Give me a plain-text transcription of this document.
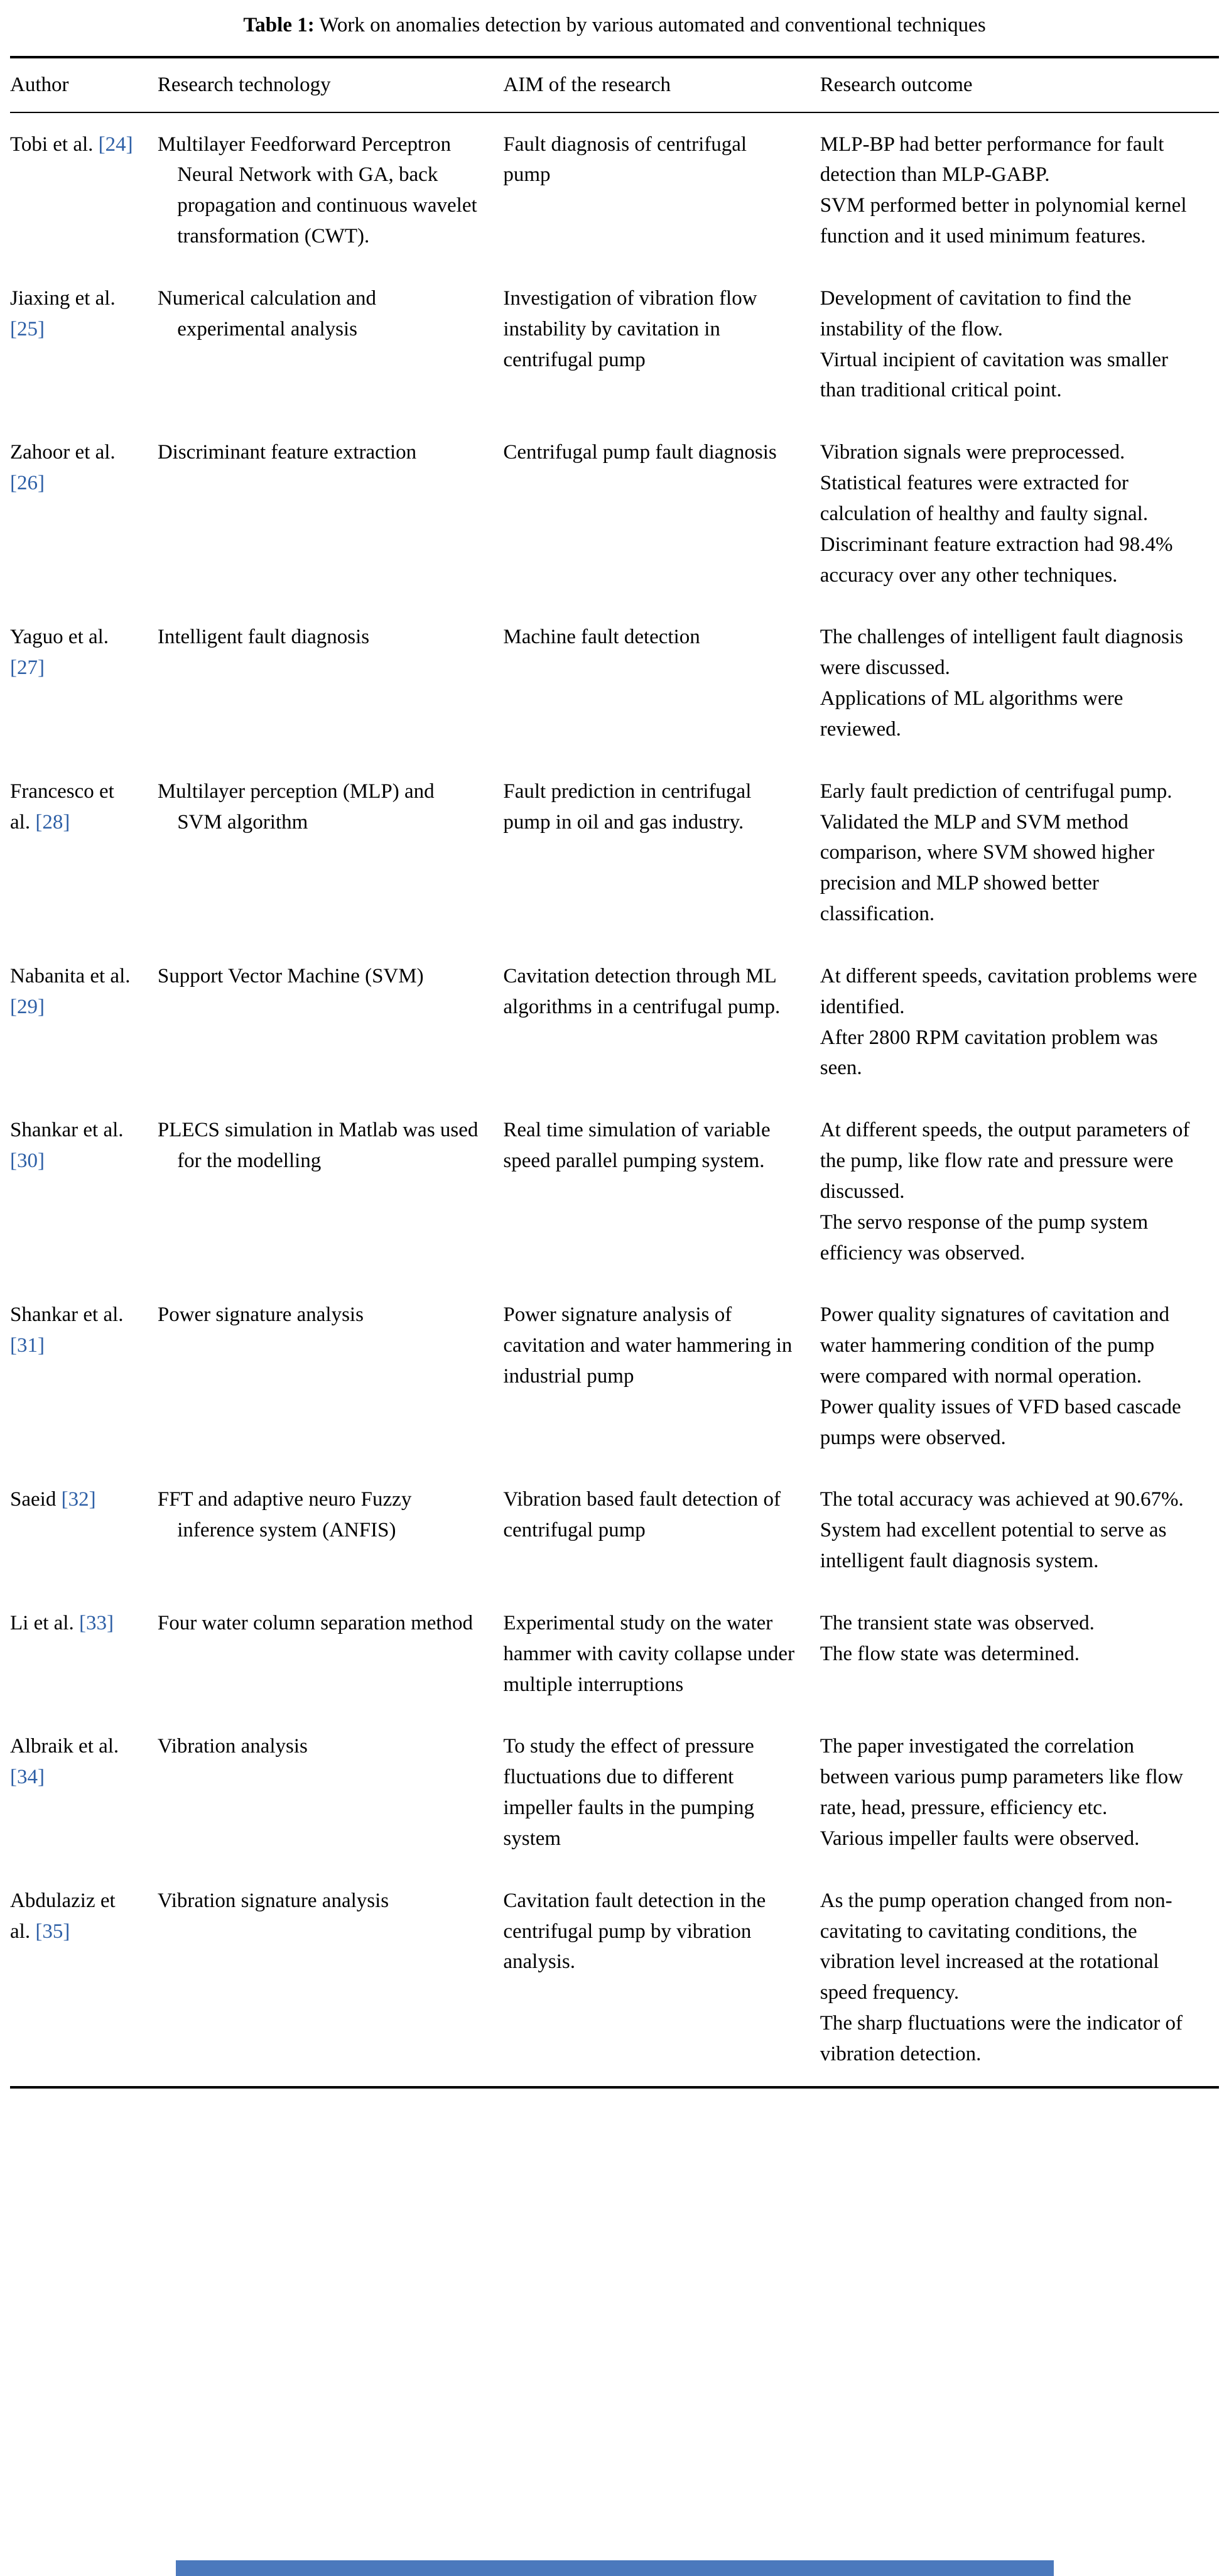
Table 1: Work on anomalies detection by various automated and conventional techniques
Author	Research technology	AIM of the research	Research outcome
Tobi et al. [24]	Multilayer Feedforward Perceptron Neural Network with GA, back propagation and continuous wavelet transformation (CWT).	Fault diagnosis of centrifugal pump	MLP-BP had better performance for fault detection than MLP-GABP.
SVM performed better in polynomial kernel function and it used minimum features.

Jiaxing et al. [25]	Numerical calculation and experimental analysis	Investigation of vibration flow instability by cavitation in centrifugal pump	Development of cavitation to find the instability of the flow.
Virtual incipient of cavitation was smaller than traditional critical point.

Zahoor et al. [26]	Discriminant feature extraction	Centrifugal pump fault diagnosis	Vibration signals were preprocessed.
Statistical features were extracted for calculation of healthy and faulty signal.
Discriminant feature extraction had 98.4% accuracy over any other techniques.

Yaguo et al. [27]	Intelligent fault diagnosis	Machine fault detection	The challenges of intelligent fault diagnosis were discussed.
Applications of ML algorithms were reviewed.

Francesco et al. [28]	Multilayer perception (MLP) and SVM algorithm	Fault prediction in centrifugal pump in oil and gas industry.	Early fault prediction of centrifugal pump.
Validated the MLP and SVM method comparison, where SVM showed higher precision and MLP showed better classification.

Nabanita et al. [29]	Support Vector Machine (SVM)	Cavitation detection through ML algorithms in a centrifugal pump.	At different speeds, cavitation problems were identified.
After 2800 RPM cavitation problem was seen.

Shankar et al. [30]	PLECS simulation in Matlab was used for the modelling	Real time simulation of variable speed parallel pumping system.	At different speeds, the output parameters of the pump, like flow rate and pressure were discussed.
The servo response of the pump system efficiency was observed.

Shankar et al. [31]	Power signature analysis	Power signature analysis of cavitation and water hammering in industrial pump	Power quality signatures of cavitation and water hammering condition of the pump were compared with normal operation.
Power quality issues of VFD based cascade pumps were observed.

Saeid [32]	FFT and adaptive neuro Fuzzy inference system (ANFIS)	Vibration based fault detection of centrifugal pump	The total accuracy was achieved at 90.67%.
System had excellent potential to serve as intelligent fault diagnosis system.

Li et al. [33]	Four water column separation method	Experimental study on the water hammer with cavity collapse under multiple interruptions	The transient state was observed.
The flow state was determined.

Albraik et al. [34]	Vibration analysis	To study the effect of pressure fluctuations due to different impeller faults in the pumping system	The paper investigated the correlation between various pump parameters like flow rate, head, pressure, efficiency etc.
Various impeller faults were observed.

Abdulaziz et al. [35]	Vibration signature analysis	Cavitation fault detection in the centrifugal pump by vibration analysis.	As the pump operation changed from non-cavitating to cavitating conditions, the vibration level increased at the rotational speed frequency.
The sharp fluctuations were the indicator of vibration detection.
